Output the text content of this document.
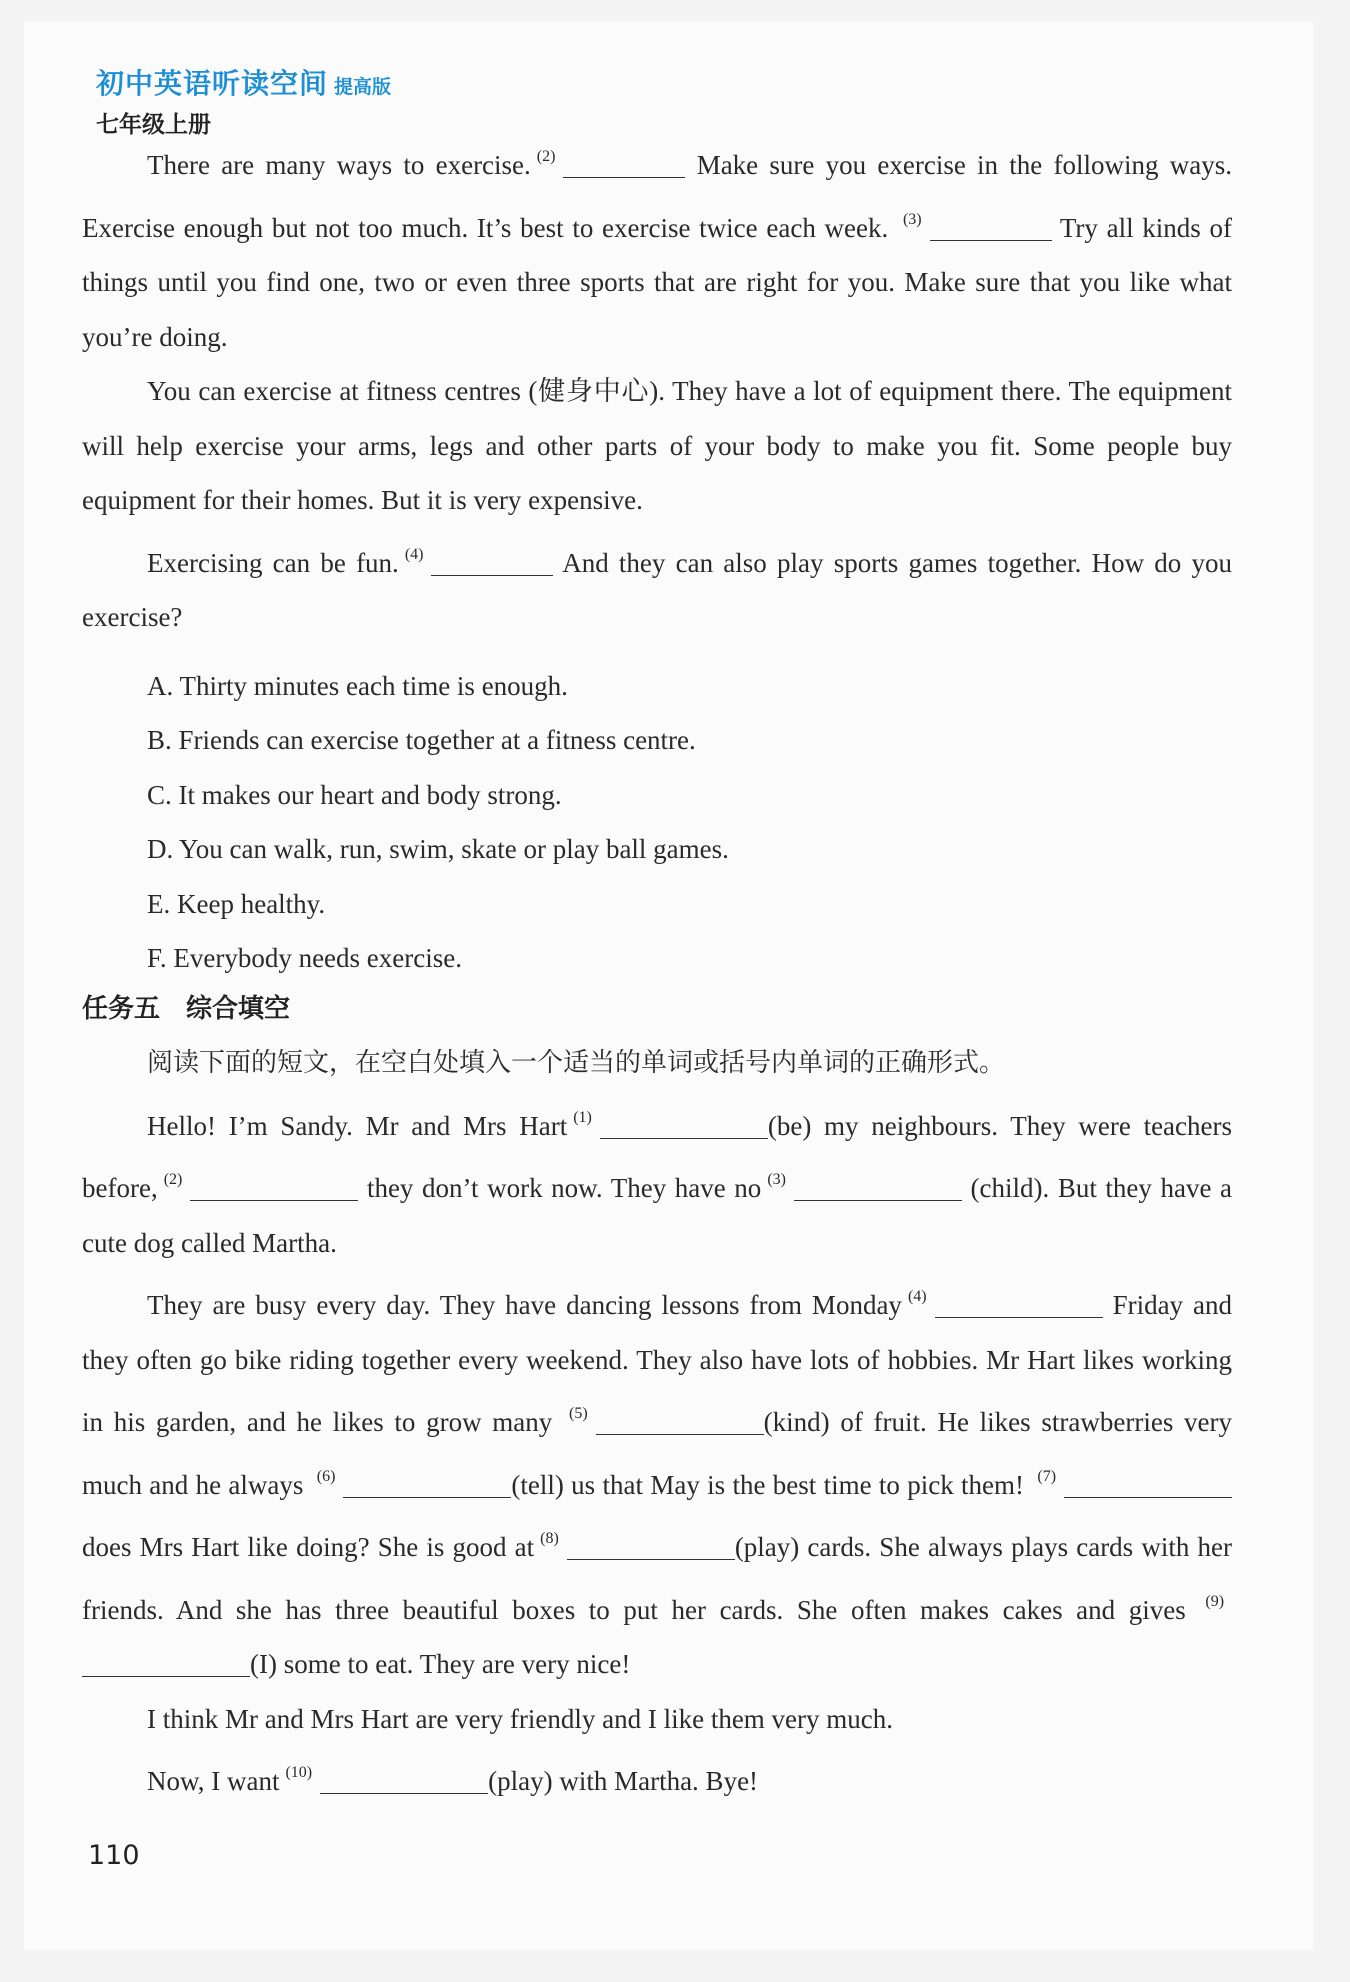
初中英语听读空间 提高版
七年级上册
There are many ways to exercise. $^{(2)}$	Make sure you exercise in the following ways. Exercise enough but not too much. It’s best to exercise twice each week. $^{(3)}$	Try all kinds of things until you find one, two or even three sports that are right for you. Make sure that you like what you’re doing.
You can exercise at fitness centres (健身中心). They have a lot of equipment there. The equipment will help exercise your arms, legs and other parts of your body to make you fit. Some people buy equipment for their homes. But it is very expensive.
Exercising can be fun. $^{(4)}$	And they can also play sports games together. How do you exercise?
A. Thirty minutes each time is enough.
B. Friends can exercise together at a fitness centre.
C. It makes our heart and body strong.
D. You can walk, run, swim, skate or play ball games.
E. Keep healthy.
F. Everybody needs exercise.
任务五　综合填空
阅读下面的短文，在空白处填入一个适当的单词或括号内单词的正确形式。
Hello! I’m Sandy. Mr and Mrs Hart $^{(1)}$	(be) my neighbours. They were teachers before, $^{(2)}$	they don’t work now. They have no $^{(3)}$	(child). But they have a cute dog called Martha.
They are busy every day. They have dancing lessons from Monday $^{(4)}$	Friday and they often go bike riding together every weekend. They also have lots of hobbies. Mr Hart likes working in his garden, and he likes to grow many $^{(5)}$	(kind) of fruit. He likes strawberries very much and he always $^{(6)}$	(tell) us that May is the best time to pick them! $^{(7)}$ does Mrs Hart like doing? She is good at $^{(8)}$	(play) cards. She always plays cards with her friends. And she has three beautiful boxes to put her cards. She often makes cakes and gives $^{(9)}$(I) some to eat. They are very nice!
I think Mr and Mrs Hart are very friendly and I like them very much.
Now, I want $^{(10)}$	(play) with Martha. Bye!
110
